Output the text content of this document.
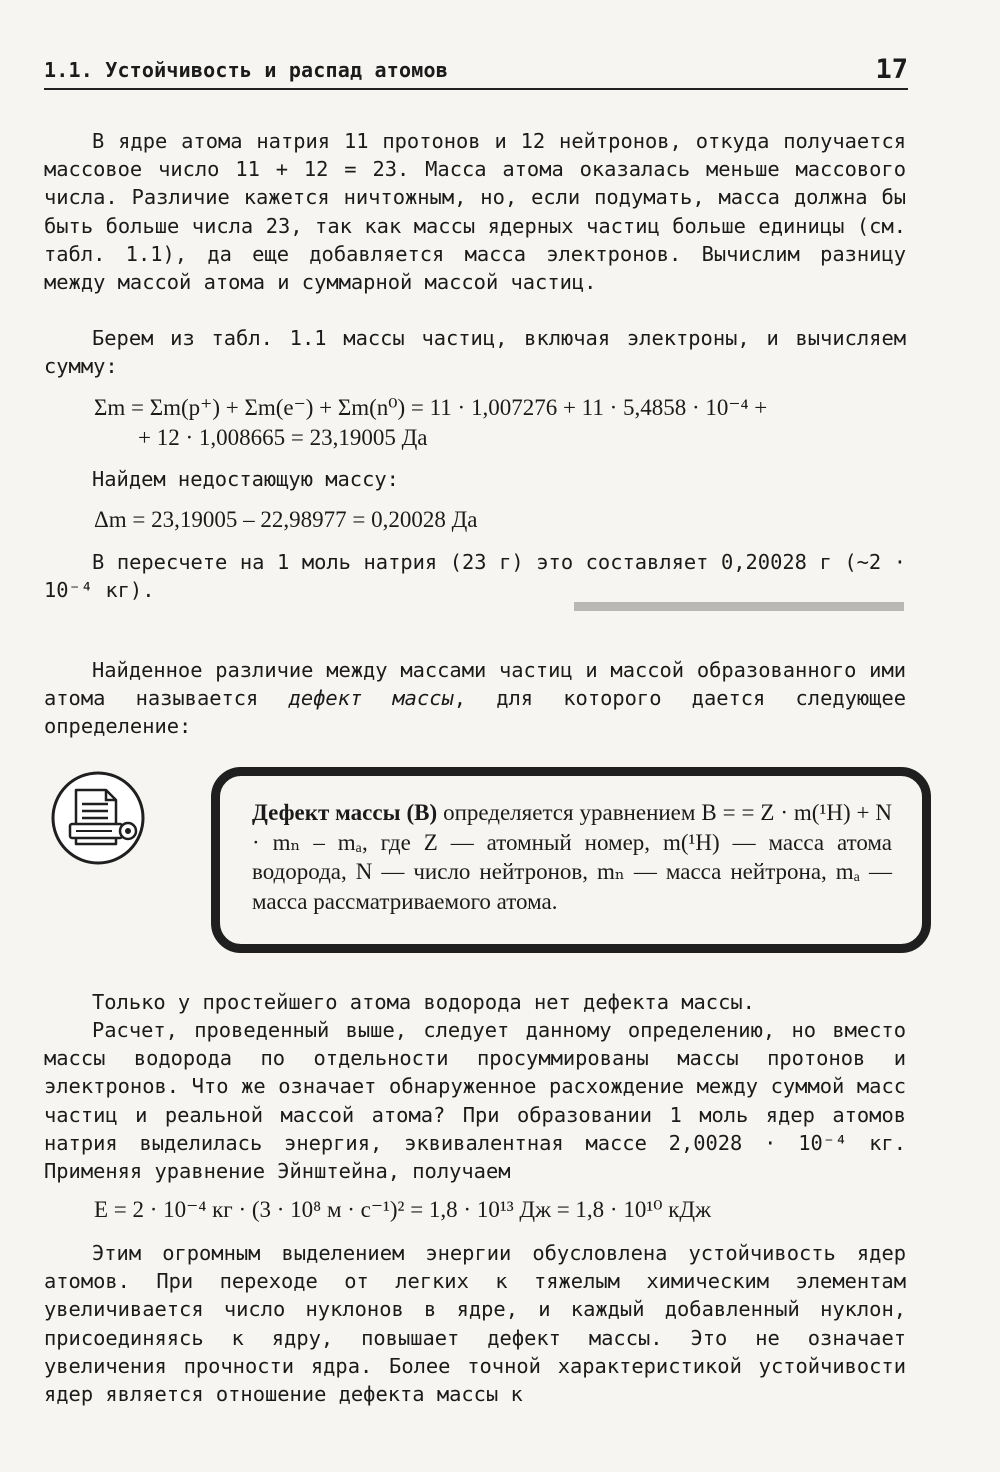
1.1. Устойчивость и распад атомов	17
В ядре атома натрия 11 протонов и 12 нейтронов, откуда получается массовое число 11 + 12 = 23. Масса атома оказалась меньше массового числа. Различие кажется ничтожным, но, если подумать, масса должна бы быть больше числа 23, так как массы ядерных частиц больше единицы (см. табл. 1.1), да еще добавляется масса электронов. Вычислим разницу между массой атома и суммарной массой частиц.
Берем из табл. 1.1 массы частиц, включая электроны, и вычисляем сумму:
Σm = Σm(p⁺) + Σm(e⁻) + Σm(n⁰) = 11 · 1,007276 + 11 · 5,4858 · 10⁻⁴ +
+ 12 · 1,008665 = 23,19005 Да
Найдем недостающую массу:
Δm = 23,19005 – 22,98977 = 0,20028 Да
В пересчете на 1 моль натрия (23 г) это составляет 0,20028 г (~2 · 10⁻⁴ кг).
Найденное различие между массами частиц и массой образованного ими атома называется дефект массы, для которого дается следующее определение:
Дефект массы (B) определяется уравнением B = = Z · m(¹H) + N · mₙ – mₐ, где Z — атомный номер, m(¹H) — масса атома водорода, N — число нейтронов, mₙ — масса нейтрона, mₐ — масса рассматриваемого атома.
Только у простейшего атома водорода нет дефекта массы.
Расчет, проведенный выше, следует данному определению, но вместо массы водорода по отдельности просуммированы массы протонов и электронов. Что же означает обнаруженное расхождение между суммой масс частиц и реальной массой атома? При образовании 1 моль ядер атомов натрия выделилась энергия, эквивалентная массе 2,0028 · 10⁻⁴ кг. Применяя уравнение Эйнштейна, получаем
E = 2 · 10⁻⁴ кг · (3 · 10⁸ м · с⁻¹)² = 1,8 · 10¹³ Дж = 1,8 · 10¹⁰ кДж
Этим огромным выделением энергии обусловлена устойчивость ядер атомов. При переходе от легких к тяжелым химическим элементам увеличивается число нуклонов в ядре, и каждый добавленный нуклон, присоединяясь к ядру, повышает дефект массы. Это не означает увеличения прочности ядра. Более точной характеристикой устойчивости ядер является отношение дефекта массы к
